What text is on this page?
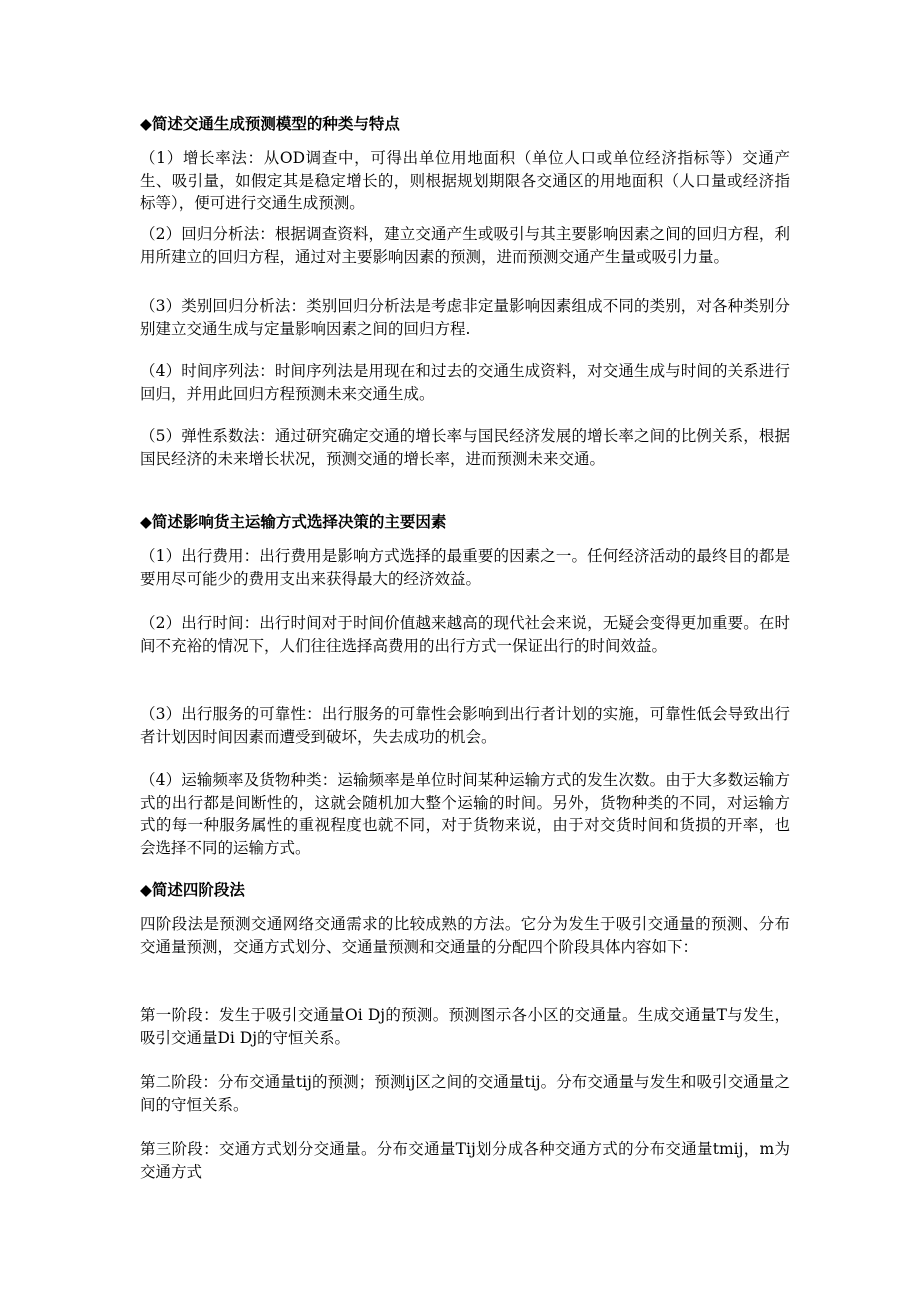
◆简述交通生成预测模型的种类与特点

（1）增长率法：从OD调查中，可得出单位用地面积（单位人口或单位经济指标等）交通产生、吸引量，如假定其是稳定增长的，则根据规划期限各交通区的用地面积（人口量或经济指标等），便可进行交通生成预测。

（2）回归分析法：根据调查资料，建立交通产生或吸引与其主要影响因素之间的回归方程，利用所建立的回归方程，通过对主要影响因素的预测，进而预测交通产生量或吸引力量。

（3）类别回归分析法：类别回归分析法是考虑非定量影响因素组成不同的类别，对各种类别分别建立交通生成与定量影响因素之间的回归方程.

（4）时间序列法：时间序列法是用现在和过去的交通生成资料，对交通生成与时间的关系进行回归，并用此回归方程预测未来交通生成。

（5）弹性系数法：通过研究确定交通的增长率与国民经济发展的增长率之间的比例关系，根据国民经济的未来增长状况，预测交通的增长率，进而预测未来交通。

◆简述影响货主运输方式选择决策的主要因素

（1）出行费用：出行费用是影响方式选择的最重要的因素之一。任何经济活动的最终目的都是要用尽可能少的费用支出来获得最大的经济效益。

（2）出行时间：出行时间对于时间价值越来越高的现代社会来说，无疑会变得更加重要。在时间不充裕的情况下，人们往往选择高费用的出行方式一保证出行的时间效益。

（3）出行服务的可靠性：出行服务的可靠性会影响到出行者计划的实施，可靠性低会导致出行者计划因时间因素而遭受到破坏，失去成功的机会。

（4）运输频率及货物种类：运输频率是单位时间某种运输方式的发生次数。由于大多数运输方式的出行都是间断性的，这就会随机加大整个运输的时间。另外，货物种类的不同，对运输方式的每一种服务属性的重视程度也就不同，对于货物来说，由于对交货时间和货损的开率，也会选择不同的运输方式。

◆简述四阶段法

四阶段法是预测交通网络交通需求的比较成熟的方法。它分为发生于吸引交通量的预测、分布交通量预测，交通方式划分、交通量预测和交通量的分配四个阶段具体内容如下：

第一阶段：发生于吸引交通量Oi Dj的预测。预测图示各小区的交通量。生成交通量T与发生，吸引交通量Di Dj的守恒关系。

第二阶段：分布交通量tij的预测；预测ij区之间的交通量tij。分布交通量与发生和吸引交通量之间的守恒关系。

第三阶段：交通方式划分交通量。分布交通量Tij划分成各种交通方式的分布交通量tmij，m为交通方式
